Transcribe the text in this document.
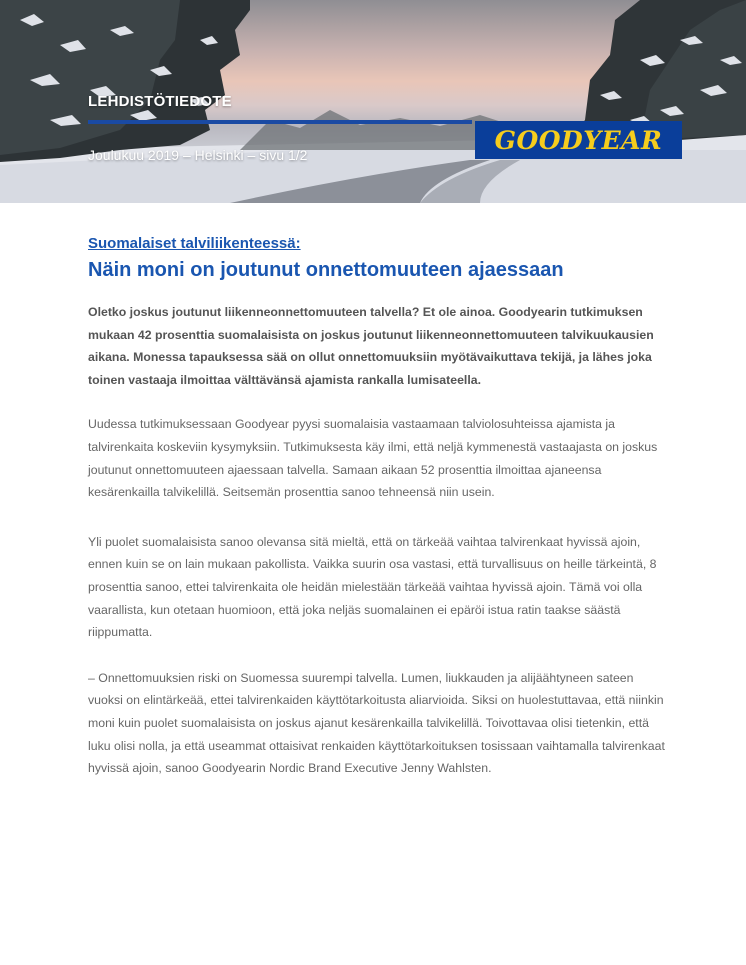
LEHDISTÖTIEDOTE
Joulukuu 2019 – Helsinki – sivu 1/2
GOODYEAR
Suomalaiset talviliikenteessä:
Näin moni on joutunut onnettomuuteen ajaessaan

Oletko joskus joutunut liikenneonnettomuuteen talvella? Et ole ainoa. Goodyearin tutkimuksen mukaan 42 prosenttia suomalaisista on joskus joutunut liikenneonnettomuuteen talvikuukausien aikana. Monessa tapauksessa sää on ollut onnettomuuksiin myötävaikuttava tekijä, ja lähes joka toinen vastaaja ilmoittaa välttävänsä ajamista rankalla lumisateella.

Uudessa tutkimuksessaan Goodyear pyysi suomalaisia vastaamaan talviolosuhteissa ajamista ja talvirenkaita koskeviin kysymyksiin. Tutkimuksesta käy ilmi, että neljä kymmenestä vastaajasta on joskus joutunut onnettomuuteen ajaessaan talvella. Samaan aikaan 52 prosenttia ilmoittaa ajaneensa kesärenkailla talvikelillä. Seitsemän prosenttia sanoo tehneensä niin usein.

Yli puolet suomalaisista sanoo olevansa sitä mieltä, että on tärkeää vaihtaa talvirenkaat hyvissä ajoin, ennen kuin se on lain mukaan pakollista. Vaikka suurin osa vastasi, että turvallisuus on heille tärkeintä, 8 prosenttia sanoo, ettei talvirenkaita ole heidän mielestään tärkeää vaihtaa hyvissä ajoin. Tämä voi olla vaarallista, kun otetaan huomioon, että joka neljäs suomalainen ei epäröi istua ratin taakse säästä riippumatta.

– Onnettomuuksien riski on Suomessa suurempi talvella. Lumen, liukkauden ja alijäähtyneen sateen vuoksi on elintärkeää, ettei talvirenkaiden käyttötarkoitusta aliarvioida. Siksi on huolestuttavaa, että niinkin moni kuin puolet suomalaisista on joskus ajanut kesärenkailla talvikelillä. Toivottavaa olisi tietenkin, että luku olisi nolla, ja että useammat ottaisivat renkaiden käyttötarkoituksen tosissaan vaihtamalla talvirenkaat hyvissä ajoin, sanoo Goodyearin Nordic Brand Executive Jenny Wahlsten.
